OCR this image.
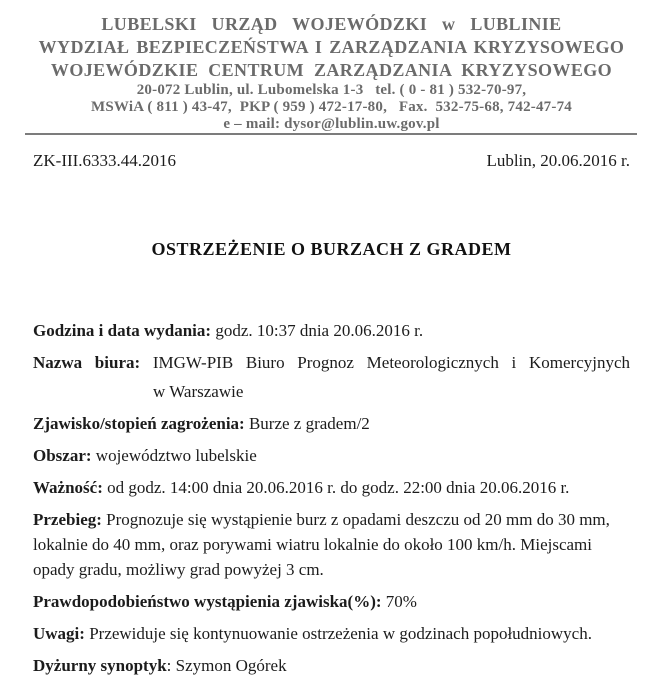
LUBELSKI URZĄD WOJEWÓDZKI w LUBLINIE
WYDZIAŁ BEZPIECZEŃSTWA I ZARZĄDZANIA KRYZYSOWEGO
WOJEWÓDZKIE CENTRUM ZARZĄDZANIA KRYZYSOWEGO
20-072 Lublin, ul. Lubomelska 1-3   tel. ( 0 - 81 ) 532-70-97,
MSWiA ( 811 ) 43-47,  PKP ( 959 ) 472-17-80,   Fax.  532-75-68, 742-47-74
e – mail: dysor@lublin.uw.gov.pl
ZK-III.6333.44.2016	Lublin, 20.06.2016 r.
OSTRZEŻENIE O BURZACH Z GRADEM

Godzina i data wydania: godz. 10:37 dnia 20.06.2016 r.

Nazwa biura: IMGW-PIB Biuro Prognoz Meteorologicznych i Komercyjnych

w Warszawie

Zjawisko/stopień zagrożenia: Burze z gradem/2

Obszar: województwo lubelskie

Ważność: od godz. 14:00 dnia 20.06.2016 r. do godz. 22:00 dnia 20.06.2016 r.

Przebieg: Prognozuje się wystąpienie burz z opadami deszczu od 20 mm do 30 mm, lokalnie do 40 mm, oraz porywami wiatru lokalnie do około 100 km/h. Miejscami opady gradu, możliwy grad powyżej 3 cm.

Prawdopodobieństwo wystąpienia zjawiska(%): 70%

Uwagi: Przewiduje się kontynuowanie ostrzeżenia w godzinach popołudniowych.

Dyżurny synoptyk: Szymon Ogórek
